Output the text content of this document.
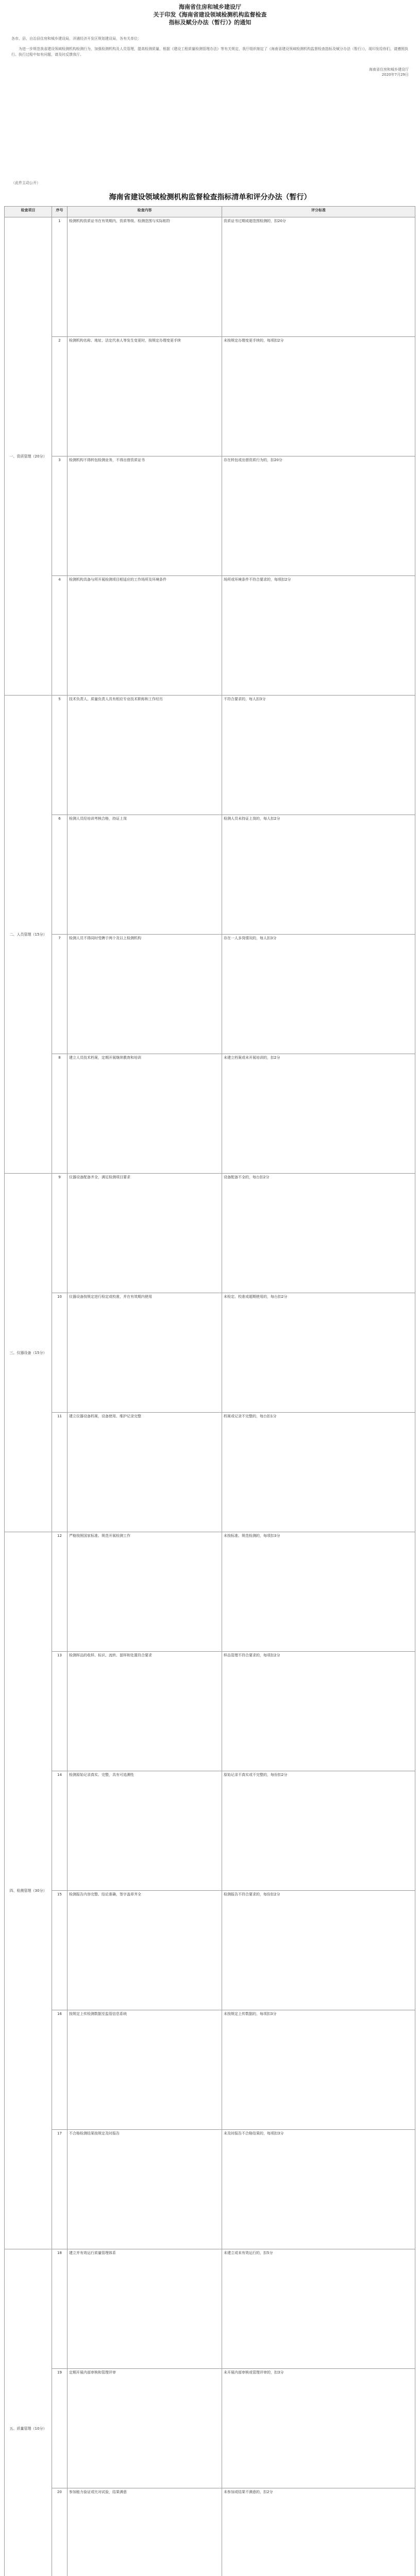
海南省住房和城乡建设厅
关于印发《海南省建设领域检测机构监督检查
指标及赋分办法（暂行）》的通知
各市、县、自治县住房和城乡建设局，洋浦经济开发区规划建设局，各有关单位：
为进一步规范我省建设领域检测机构检测行为，加强检测机构及人员管理，提高检测质量，根据《建设工程质量检测管理办法》等有关规定，我厅组织制定了《海南省建设领域检测机构监督检查指标及赋分办法（暂行）》，现印发给你们，请遵照执行。执行过程中如有问题，请及时反馈我厅。
海南省住房和城乡建设厅
2020年7月29日
（此件主动公开）
海南省建设领域检测机构监督检查指标清单和评分办法（暂行）
检查项目	序号	检查内容	评分标准
一、资质管理（20分）	1	检测机构资质证书在有效期内，资质等级、检测范围与实际相符	资质证书过期或超范围检测的，扣20分
	2	检测机构名称、地址、法定代表人等发生变更时，按规定办理变更手续	未按规定办理变更手续的，每项扣2分
	3	检测机构不得转包检测业务，不得出借资质证书	存在转包或出借资质行为的，扣20分
	4	检测机构具备与所开展检测项目相适应的工作场所及环境条件	场所或环境条件不符合要求的，每项扣2分
二、人员管理（15分）	5	技术负责人、质量负责人具有相应专业技术职称和工作经历	不符合要求的，每人扣3分
	6	检测人员经培训考核合格，持证上岗	检测人员未持证上岗的，每人扣2分
	7	检测人员不得同时受聘于两个及以上检测机构	存在一人多岗情况的，每人扣3分
	8	建立人员技术档案，定期开展继续教育和培训	未建立档案或未开展培训的，扣2分
三、仪器设备（15分）	9	仪器设备配备齐全，满足检测项目要求	设备配备不全的，每台扣2分
	10	仪器设备按规定进行检定或校准，并在有效期内使用	未检定、校准或超期使用的，每台扣2分
	11	建立仪器设备档案，设备使用、维护记录完整	档案或记录不完整的，每台扣1分
四、检测管理（30分）	12	严格按照国家标准、规范开展检测工作	未按标准、规范检测的，每项扣3分
	13	检测样品的收样、标识、流转、留样和处置符合要求	样品管理不符合要求的，每项扣2分
	14	检测原始记录真实、完整，具有可追溯性	原始记录不真实或不完整的，每份扣2分
	15	检测报告内容完整、结论准确，签字盖章齐全	检测报告不符合要求的，每份扣2分
	16	按规定上传检测数据至监管信息系统	未按规定上传数据的，每项扣3分
	17	不合格检测结果按规定及时报告	未及时报告不合格结果的，每项扣3分
五、质量管理（10分）	18	建立并有效运行质量管理体系	未建立或未有效运行的，扣5分
	19	定期开展内部审核和管理评审	未开展内部审核或管理评审的，扣3分
	20	参加能力验证或比对试验，结果满意	未参加或结果不满意的，扣2分
